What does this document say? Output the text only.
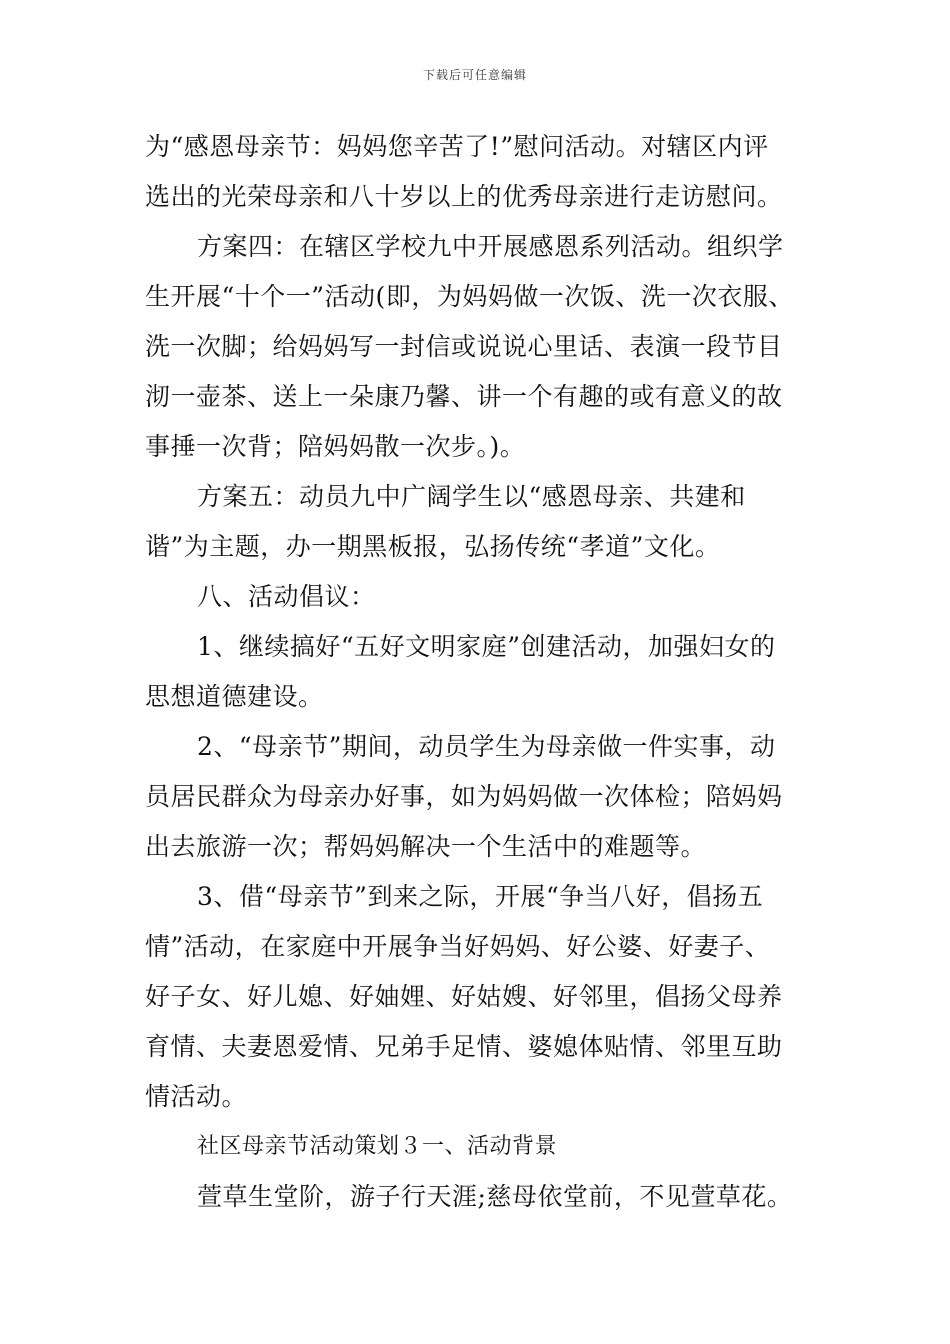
下载后可任意编辑
为“感恩母亲节：妈妈您辛苦了!”慰问活动。对辖区内评
选出的光荣母亲和八十岁以上的优秀母亲进行走访慰问。
方案四：在辖区学校九中开展感恩系列活动。组织学
生开展“十个一”活动(即，为妈妈做一次饭、洗一次衣服、
洗一次脚；给妈妈写一封信或说说心里话、表演一段节目
沏一壶茶、送上一朵康乃馨、讲一个有趣的或有意义的故
事捶一次背；陪妈妈散一次步。)。
方案五：动员九中广阔学生以“感恩母亲、共建和
谐”为主题，办一期黑板报，弘扬传统“孝道”文化。
八、活动倡议：
1、继续搞好“五好文明家庭”创建活动，加强妇女的
思想道德建设。
2、“母亲节”期间，动员学生为母亲做一件实事，动
员居民群众为母亲办好事，如为妈妈做一次体检；陪妈妈
出去旅游一次；帮妈妈解决一个生活中的难题等。
3、借“母亲节”到来之际，开展“争当八好，倡扬五
情”活动，在家庭中开展争当好妈妈、好公婆、好妻子、
好子女、好儿媳、好妯娌、好姑嫂、好邻里，倡扬父母养
育情、夫妻恩爱情、兄弟手足情、婆媳体贴情、邻里互助
情活动。
社区母亲节活动策划３一、活动背景
萱草生堂阶，游子行天涯;慈母依堂前，不见萱草花。
